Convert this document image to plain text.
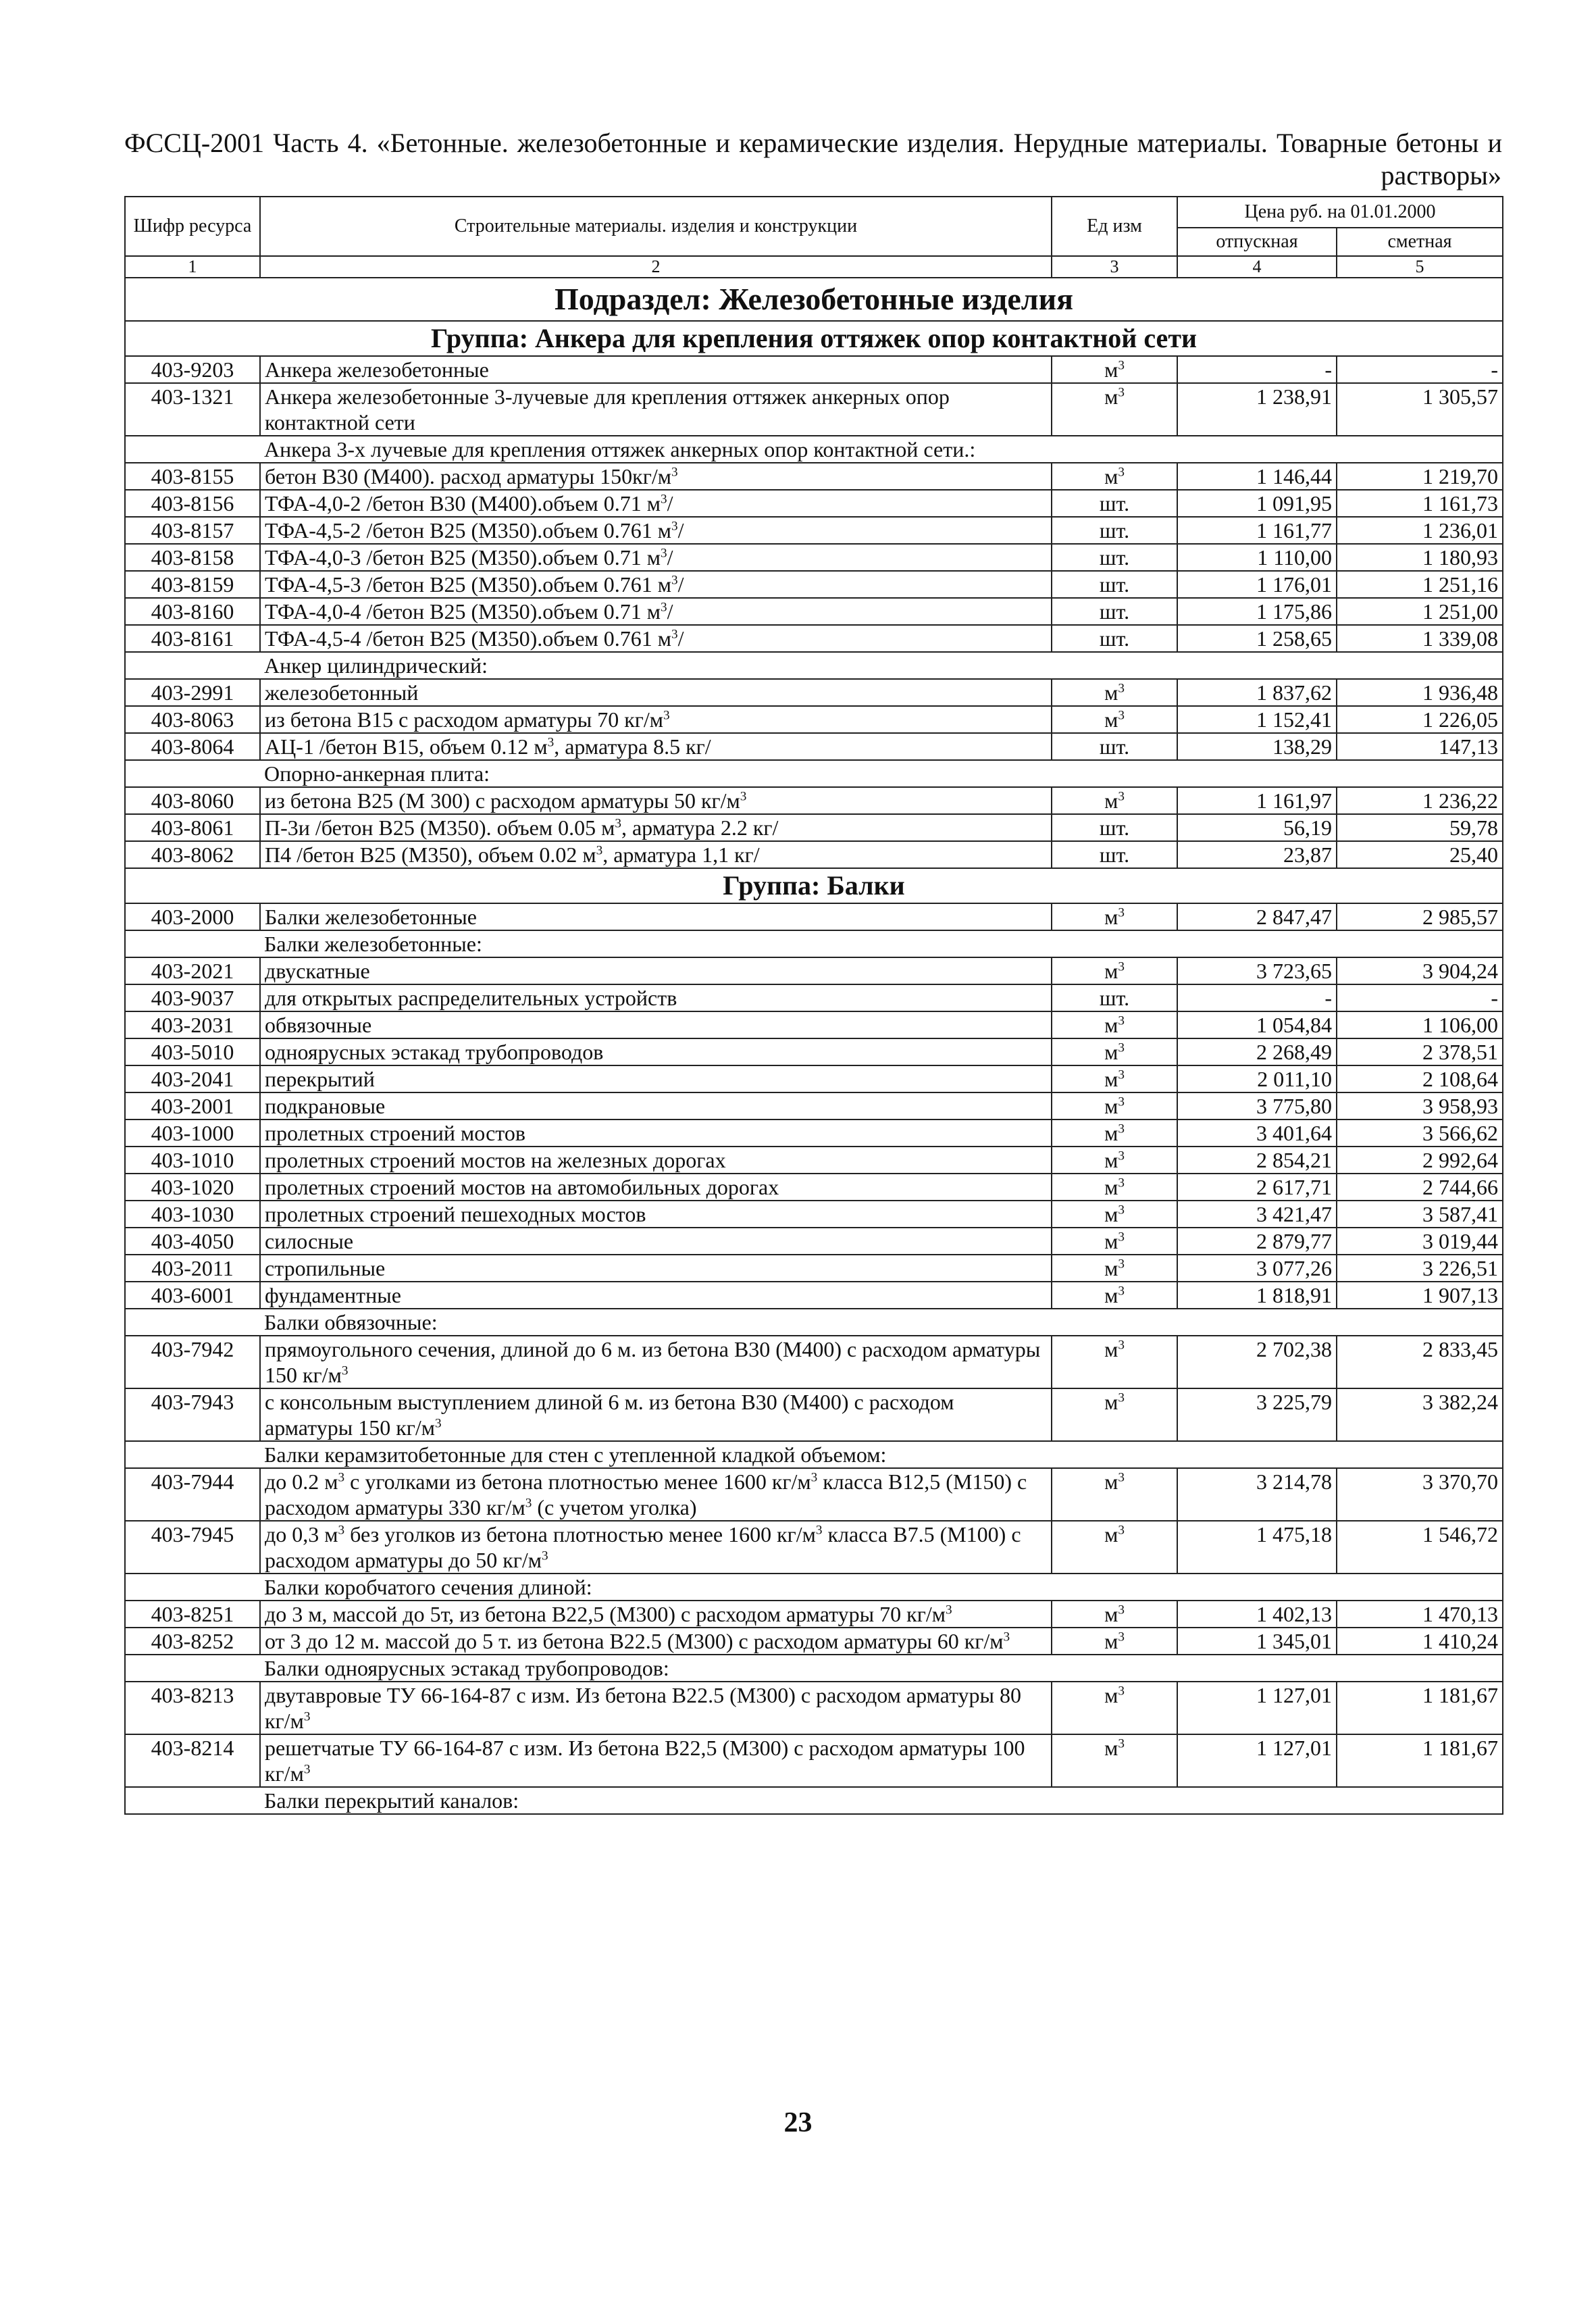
ФССЦ-2001 Часть 4. «Бетонные. железобетонные и керамические изделия. Нерудные материалы. Товарные бетоны и
растворы»
Шифр ресурса	Строительные материалы. изделия и конструкции	Ед изм	Цена руб. на 01.01.2000	
			отпускная	сметная
1	2	3	4	5
Подраздел: Железобетонные изделия				
Группа: Анкера для крепления оттяжек опор контактной сети				
403-9203	Анкера железобетонные	$м^3$	-	-
403-1321	Анкера железобетонные 3-лучевые для крепления оттяжек анкерных опор контактной сети	$м^3$	1 238,91	1 305,57
	Анкера 3-х лучевые для крепления оттяжек анкерных опор контактной сети.:			
403-8155	бетон В30 (М400). расход арматуры $150кг/м^3$	$м^3$	1 146,44	1 219,70
403-8156	ТФА-4,0-2 /бетон В30 (М400).объем 0.71 $м^3/$	шт.	1 091,95	1 161,73
403-8157	ТФА-4,5-2 /бетон В25 (М350).объем 0.761 $м^3/$	шт.	1 161,77	1 236,01
403-8158	ТФА-4,0-3 /бетон В25 (М350).объем 0.71 $м^3/$	шт.	1 110,00	1 180,93
403-8159	ТФА-4,5-3 /бетон В25 (М350).объем 0.761 $м^3/$	шт.	1 176,01	1 251,16
403-8160	ТФА-4,0-4 /бетон В25 (М350).объем 0.71 $м^3/$	шт.	1 175,86	1 251,00
403-8161	ТФА-4,5-4 /бетон В25 (М350).объем 0.761 $м^3/$	шт.	1 258,65	1 339,08
	Анкер цилиндрический:			
403-2991	железобетонный	$м^3$	1 837,62	1 936,48
403-8063	из бетона В15 с расходом арматуры 70 $кг/м^3$	$м^3$	1 152,41	1 226,05
403-8064	АЦ-1 /бетон В15, объем 0.12 $м^3$, арматура 8.5 кг/	шт.	138,29	147,13
	Опорно-анкерная плита:			
403-8060	из бетона В25 (М 300) с расходом арматуры 50 $кг/м^3$	$м^3$	1 161,97	1 236,22
403-8061	П-3и /бетон В25 (М350). объем 0.05 $м^3$, арматура 2.2 кг/	шт.	56,19	59,78
403-8062	П4 /бетон В25 (М350), объем 0.02 $м^3$, арматура 1,1 кг/	шт.	23,87	25,40
Группа: Балки				
403-2000	Балки железобетонные	$м^3$	2 847,47	2 985,57
	Балки железобетонные:			
403-2021	двускатные	$м^3$	3 723,65	3 904,24
403-9037	для открытых распределительных устройств	шт.	-	-
403-2031	обвязочные	$м^3$	1 054,84	1 106,00
403-5010	одноярусных эстакад трубопроводов	$м^3$	2 268,49	2 378,51
403-2041	перекрытий	$м^3$	2 011,10	2 108,64
403-2001	подкрановые	$м^3$	3 775,80	3 958,93
403-1000	пролетных строений мостов	$м^3$	3 401,64	3 566,62
403-1010	пролетных строений мостов на железных дорогах	$м^3$	2 854,21	2 992,64
403-1020	пролетных строений мостов на автомобильных дорогах	$м^3$	2 617,71	2 744,66
403-1030	пролетных строений пешеходных мостов	$м^3$	3 421,47	3 587,41
403-4050	силосные	$м^3$	2 879,77	3 019,44
403-2011	стропильные	$м^3$	3 077,26	3 226,51
403-6001	фундаментные	$м^3$	1 818,91	1 907,13
	Балки обвязочные:			
403-7942	прямоугольного сечения, длиной до 6 м. из бетона В30 (М400) с расходом арматуры 150 $кг/м^3$	$м^3$	2 702,38	2 833,45
403-7943	с консольным выступлением длиной 6 м. из бетона В30 (М400) с расходом арматуры 150 $кг/м^3$	$м^3$	3 225,79	3 382,24
	Балки керамзитобетонные для стен с утепленной кладкой объемом:			
403-7944	до 0.2 $м^3$ с уголками из бетона плотностью менее 1600 $кг/м^3$ класса В12,5 (М150) с расходом арматуры 330 $кг/м^3$ (с учетом уголка)	$м^3$	3 214,78	3 370,70
403-7945	до 0,3 $м^3$ без уголков из бетона плотностью менее 1600 $кг/м^3$ класса В7.5 (М100) с расходом арматуры до 50 $кг/м^3$	$м^3$	1 475,18	1 546,72
	Балки коробчатого сечения длиной:			
403-8251	до 3 м, массой до 5т, из бетона В22,5 (М300) с расходом арматуры 70 $кг/м^3$	$м^3$	1 402,13	1 470,13
403-8252	от 3 до 12 м. массой до 5 т. из бетона В22.5 (М300) с расходом арматуры 60 $кг/м^3$	$м^3$	1 345,01	1 410,24
	Балки одноярусных эстакад трубопроводов:			
403-8213	двутавровые ТУ 66-164-87 с изм. Из бетона В22.5 (М300) с расходом арматуры 80 $кг/м^3$	$м^3$	1 127,01	1 181,67
403-8214	решетчатые ТУ 66-164-87 с изм. Из бетона В22,5 (М300) с расходом арматуры 100 $кг/м^3$	$м^3$	1 127,01	1 181,67
	Балки перекрытий каналов:			
23
